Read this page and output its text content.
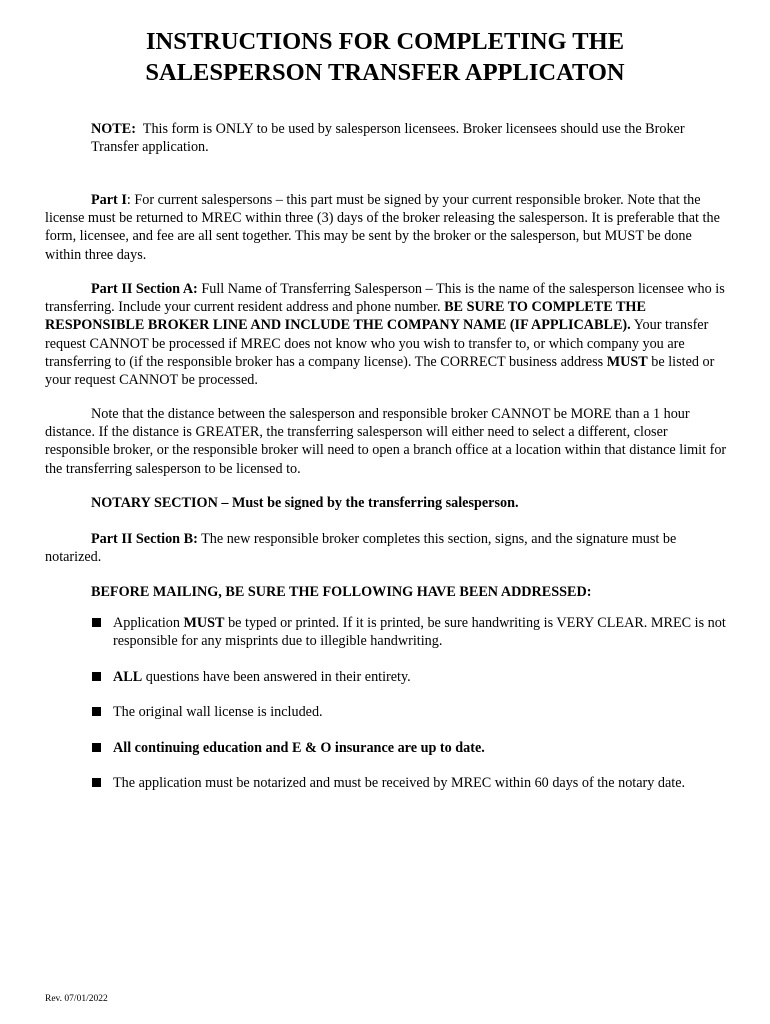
INSTRUCTIONS FOR COMPLETING THE
SALESPERSON TRANSFER APPLICATON
NOTE: This form is ONLY to be used by salesperson licensees. Broker licensees should use the Broker Transfer application.
Part I: For current salespersons – this part must be signed by your current responsible broker. Note that the license must be returned to MREC within three (3) days of the broker releasing the salesperson. It is preferable that the form, licensee, and fee are all sent together. This may be sent by the broker or the salesperson, but MUST be done within three days.
Part II Section A: Full Name of Transferring Salesperson – This is the name of the salesperson licensee who is transferring. Include your current resident address and phone number. BE SURE TO COMPLETE THE RESPONSIBLE BROKER LINE AND INCLUDE THE COMPANY NAME (IF APPLICABLE). Your transfer request CANNOT be processed if MREC does not know who you wish to transfer to, or which company you are transferring to (if the responsible broker has a company license). The CORRECT business address MUST be listed or your request CANNOT be processed.
Note that the distance between the salesperson and responsible broker CANNOT be MORE than a 1 hour distance. If the distance is GREATER, the transferring salesperson will either need to select a different, closer responsible broker, or the responsible broker will need to open a branch office at a location within that distance limit for the transferring salesperson to be licensed to.
NOTARY SECTION – Must be signed by the transferring salesperson.
Part II Section B: The new responsible broker completes this section, signs, and the signature must be notarized.
BEFORE MAILING, BE SURE THE FOLLOWING HAVE BEEN ADDRESSED:
Application MUST be typed or printed. If it is printed, be sure handwriting is VERY CLEAR. MREC is not responsible for any misprints due to illegible handwriting.
ALL questions have been answered in their entirety.
The original wall license is included.
All continuing education and E & O insurance are up to date.
The application must be notarized and must be received by MREC within 60 days of the notary date.
Rev. 07/01/2022
